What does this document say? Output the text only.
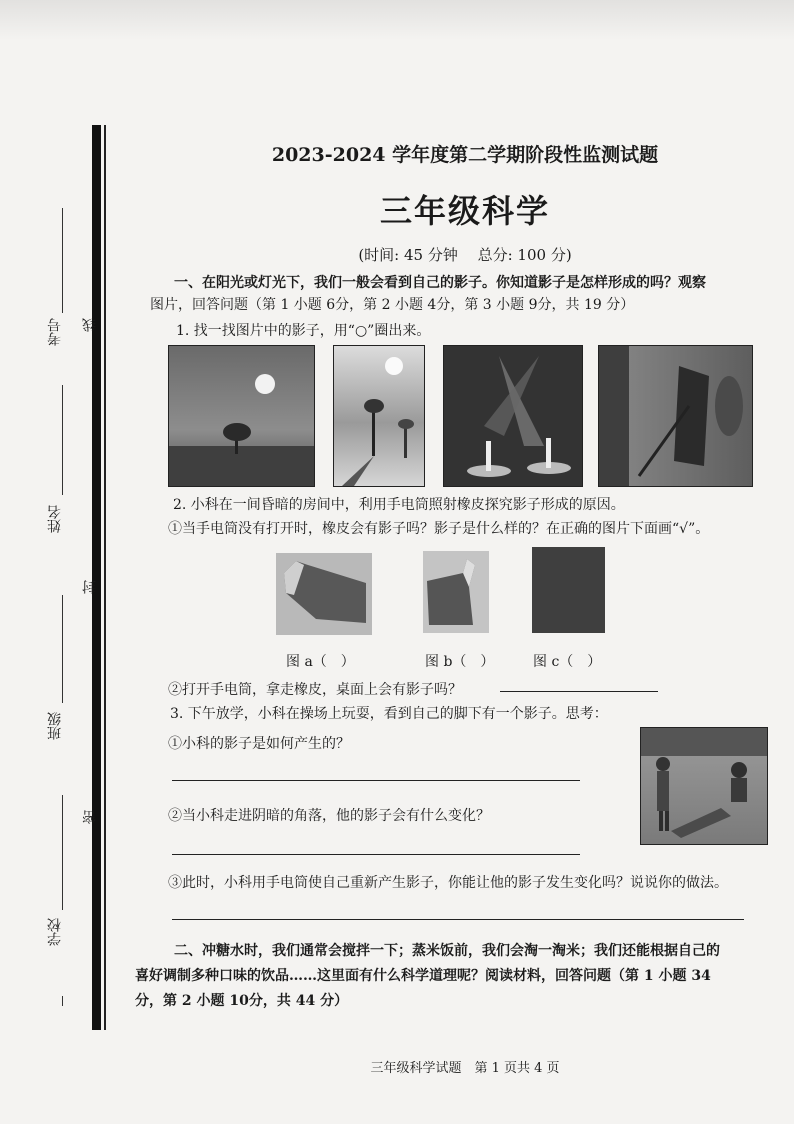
考号 线
姓名
封
班级
密
学校
2023-2024 学年度第二学期阶段性监测试题
三年级科学
(时间: 45 分钟　 总分: 100 分)
一、在阳光或灯光下，我们一般会看到自己的影子。你知道影子是怎样形成的吗？观察
图片，回答问题（第 1 小题 6分，第 2 小题 4分，第 3 小题 9分，共 19 分）
1. 找一找图片中的影子，用“○”圈出来。
2. 小科在一间昏暗的房间中，利用手电筒照射橡皮探究影子形成的原因。
①当手电筒没有打开时，橡皮会有影子吗？影子是什么样的？在正确的图片下面画“√”。
图 a（　）	图 b（　）	图 c（　）
②打开手电筒，拿走橡皮，桌面上会有影子吗？
3. 下午放学，小科在操场上玩耍，看到自己的脚下有一个影子。思考：
①小科的影子是如何产生的？
②当小科走进阴暗的角落，他的影子会有什么变化？
③此时，小科用手电筒使自己重新产生影子，你能让他的影子发生变化吗？说说你的做法。
二、冲糖水时，我们通常会搅拌一下；蒸米饭前，我们会淘一淘米；我们还能根据自己的
喜好调制多种口味的饮品……这里面有什么科学道理呢？阅读材料，回答问题（第 1 小题 34
分，第 2 小题 10分，共 44 分）
三年级科学试题　第 1 页共 4 页
